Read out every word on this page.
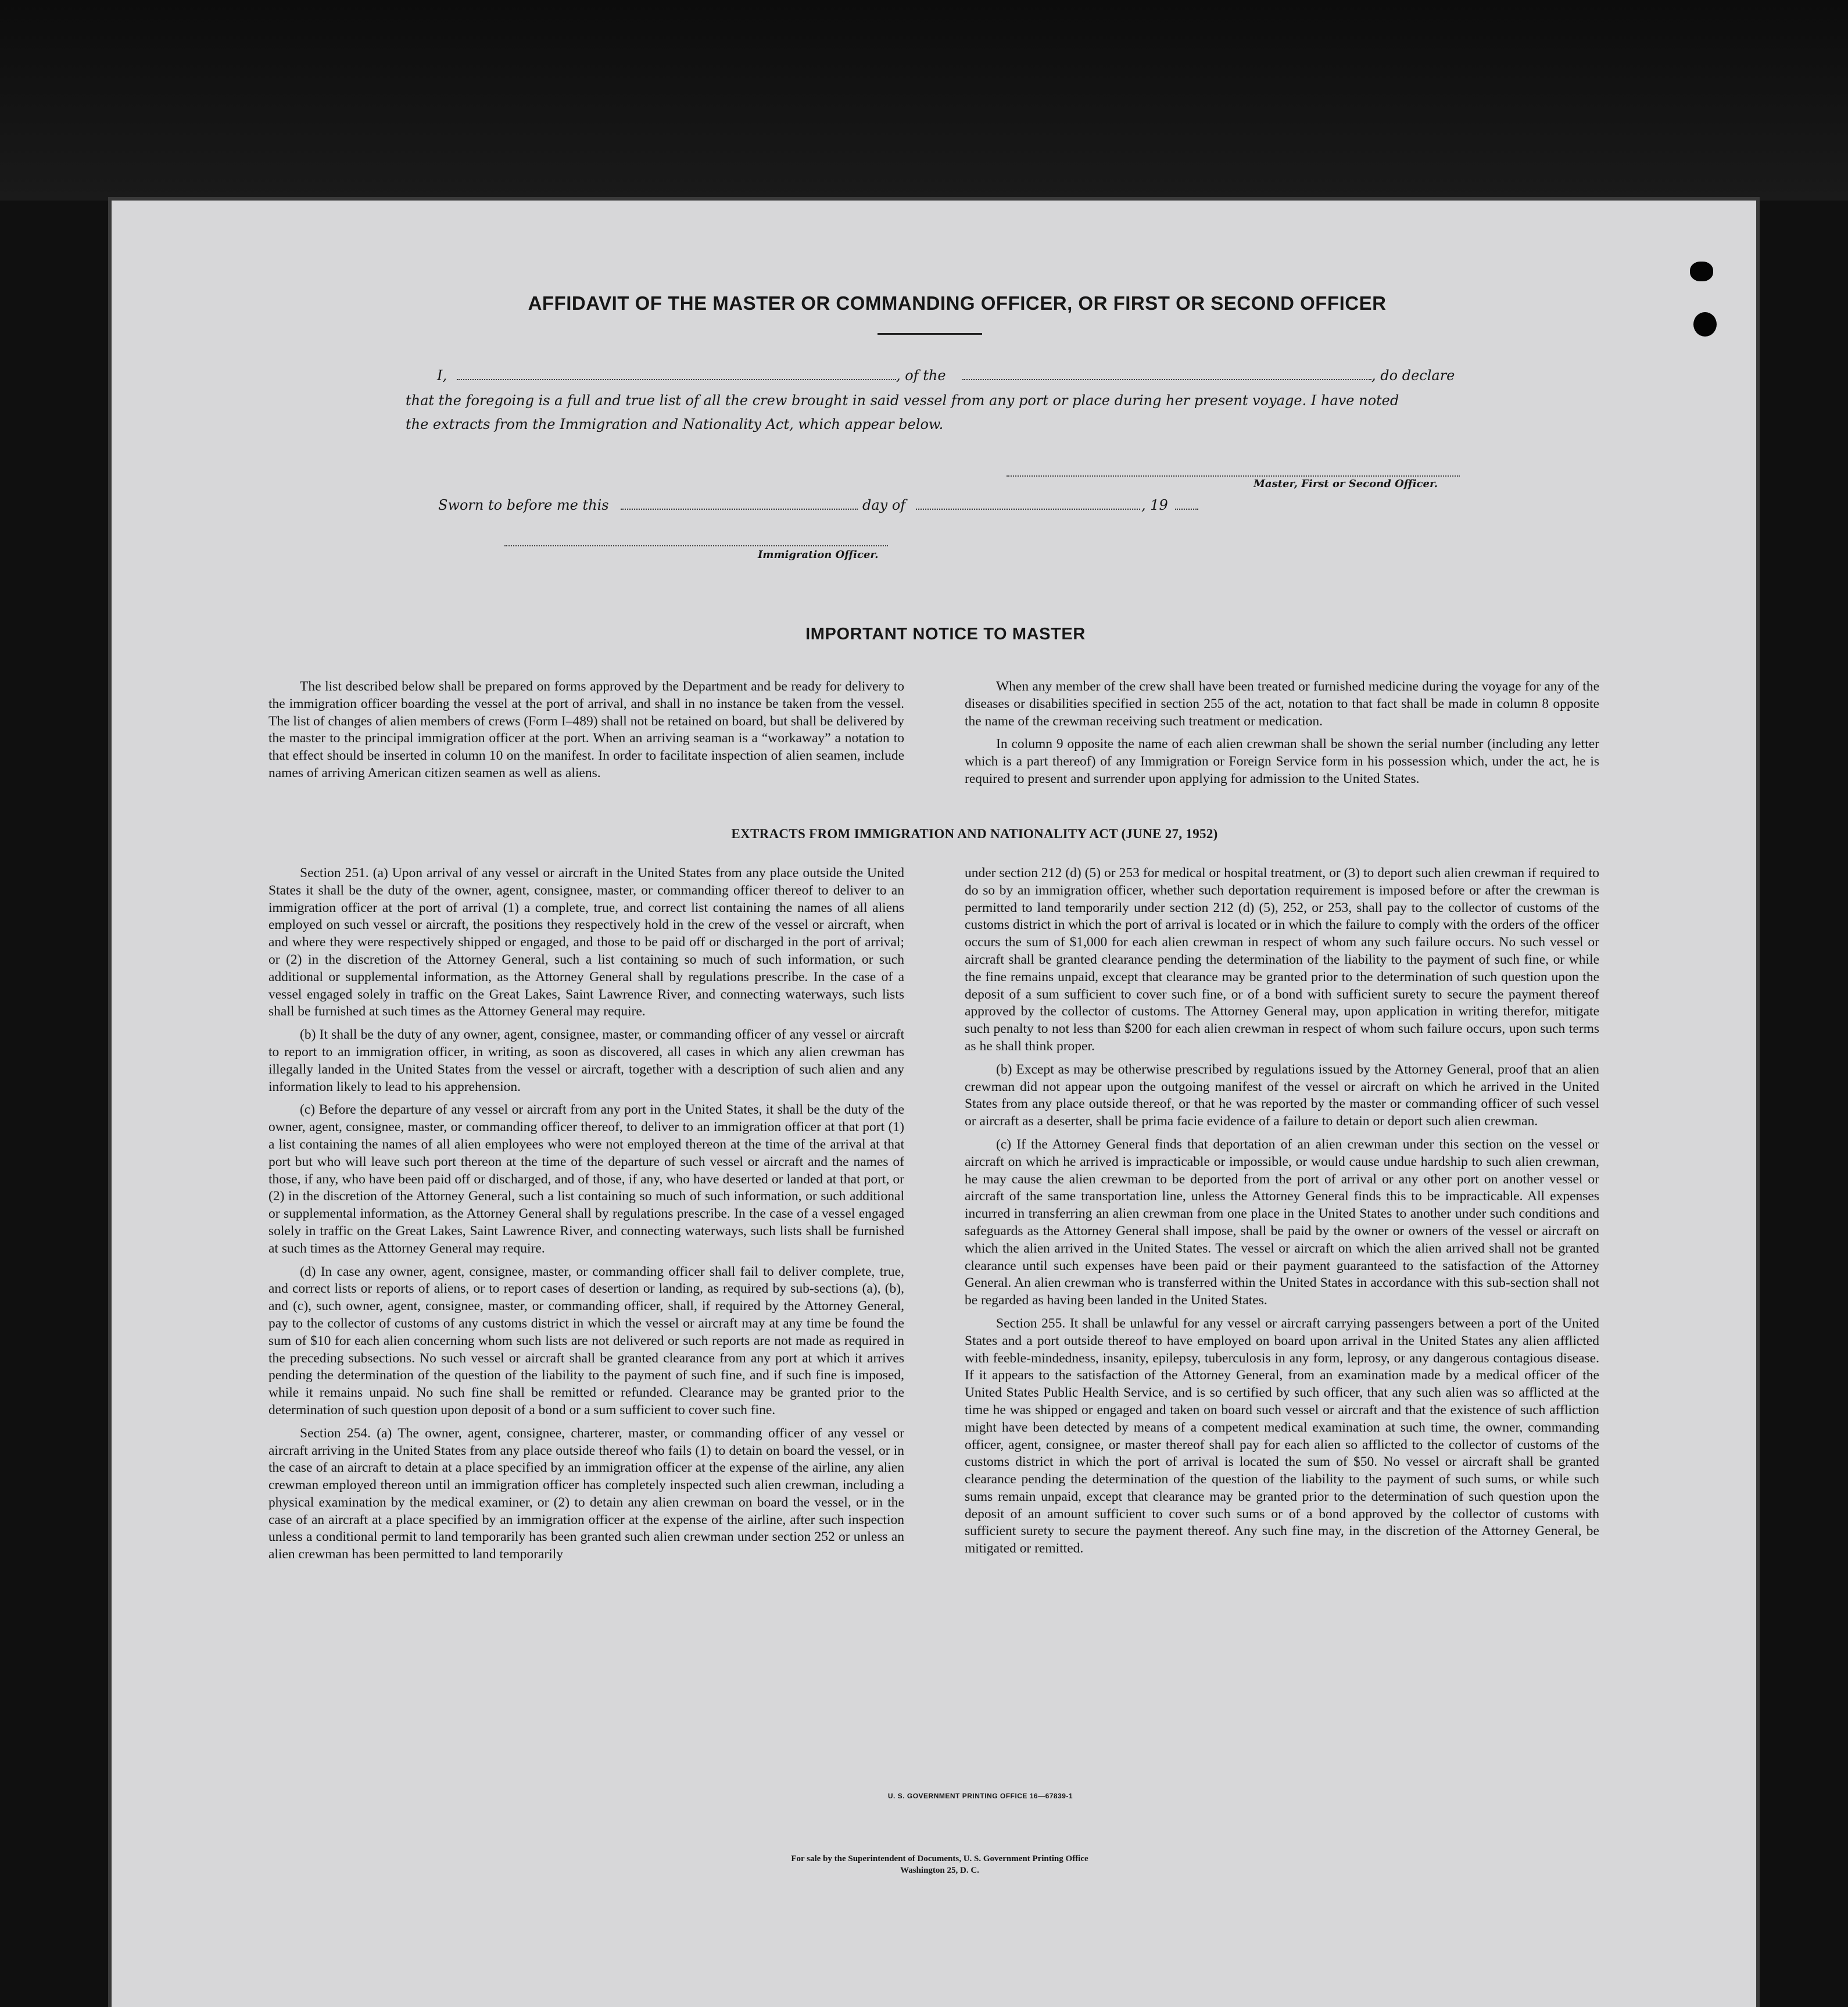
AFFIDAVIT OF THE MASTER OR COMMANDING OFFICER, OR FIRST OR SECOND OFFICER
I,	, of the	, do declare
that the foregoing is a full and true list of all the crew brought in said vessel from any port or place during her present voyage. I have noted
the extracts from the Immigration and Nationality Act, which appear below.
Master, First or Second Officer.
Sworn to before me this	day of	, 19
Immigration Officer.
IMPORTANT NOTICE TO MASTER

The list described below shall be prepared on forms approved by the Department and be ready for delivery to the immigration officer boarding the vessel at the port of arrival, and shall in no instance be taken from the vessel. The list of changes of alien members of crews (Form I–489) shall not be retained on board, but shall be delivered by the master to the principal immigration officer at the port. When an arriving seaman is a “workaway” a notation to that effect should be inserted in column 10 on the manifest. In order to facilitate inspection of alien seamen, include names of arriving American citizen seamen as well as aliens.

When any member of the crew shall have been treated or furnished medicine during the voyage for any of the diseases or disabilities specified in section 255 of the act, notation to that fact shall be made in column 8 opposite the name of the crewman receiving such treatment or medication.

In column 9 opposite the name of each alien crewman shall be shown the serial number (including any letter which is a part thereof) of any Immigration or Foreign Service form in his possession which, under the act, he is required to present and surrender upon applying for admission to the United States.

EXTRACTS FROM IMMIGRATION AND NATIONALITY ACT (JUNE 27, 1952)

Section 251. (a) Upon arrival of any vessel or aircraft in the United States from any place outside the United States it shall be the duty of the owner, agent, consignee, master, or commanding officer thereof to deliver to an immigration officer at the port of arrival (1) a complete, true, and correct list containing the names of all aliens employed on such vessel or aircraft, the positions they respectively hold in the crew of the vessel or aircraft, when and where they were respectively shipped or engaged, and those to be paid off or discharged in the port of arrival; or (2) in the discretion of the Attorney General, such a list containing so much of such information, or such additional or supplemental information, as the Attorney General shall by regulations prescribe. In the case of a vessel engaged solely in traffic on the Great Lakes, Saint Lawrence River, and connecting waterways, such lists shall be furnished at such times as the Attorney General may require.

(b) It shall be the duty of any owner, agent, consignee, master, or commanding officer of any vessel or aircraft to report to an immigration officer, in writing, as soon as discovered, all cases in which any alien crewman has illegally landed in the United States from the vessel or aircraft, together with a description of such alien and any information likely to lead to his apprehension.

(c) Before the departure of any vessel or aircraft from any port in the United States, it shall be the duty of the owner, agent, consignee, master, or commanding officer thereof, to deliver to an immigration officer at that port (1) a list containing the names of all alien employees who were not employed thereon at the time of the arrival at that port but who will leave such port thereon at the time of the departure of such vessel or aircraft and the names of those, if any, who have been paid off or discharged, and of those, if any, who have deserted or landed at that port, or (2) in the discretion of the Attorney General, such a list containing so much of such information, or such additional or supplemental information, as the Attorney General shall by regulations prescribe. In the case of a vessel engaged solely in traffic on the Great Lakes, Saint Lawrence River, and connecting waterways, such lists shall be furnished at such times as the Attorney General may require.

(d) In case any owner, agent, consignee, master, or commanding officer shall fail to deliver complete, true, and correct lists or reports of aliens, or to report cases of desertion or landing, as required by sub-sections (a), (b), and (c), such owner, agent, consignee, master, or commanding officer, shall, if required by the Attorney General, pay to the collector of customs of any customs district in which the vessel or aircraft may at any time be found the sum of $10 for each alien concerning whom such lists are not delivered or such reports are not made as required in the preceding subsections. No such vessel or aircraft shall be granted clearance from any port at which it arrives pending the determination of the question of the liability to the payment of such fine, and if such fine is imposed, while it remains unpaid. No such fine shall be remitted or refunded. Clearance may be granted prior to the determination of such question upon deposit of a bond or a sum sufficient to cover such fine.

Section 254. (a) The owner, agent, consignee, charterer, master, or commanding officer of any vessel or aircraft arriving in the United States from any place outside thereof who fails (1) to detain on board the vessel, or in the case of an aircraft to detain at a place specified by an immigration officer at the expense of the airline, any alien crewman employed thereon until an immigration officer has completely inspected such alien crewman, including a physical examination by the medical examiner, or (2) to detain any alien crewman on board the vessel, or in the case of an aircraft at a place specified by an immigration officer at the expense of the airline, after such inspection unless a conditional permit to land temporarily has been granted such alien crewman under section 252 or unless an alien crewman has been permitted to land temporarily

under section 212 (d) (5) or 253 for medical or hospital treatment, or (3) to deport such alien crewman if required to do so by an immigration officer, whether such deportation requirement is imposed before or after the crewman is permitted to land temporarily under section 212 (d) (5), 252, or 253, shall pay to the collector of customs of the customs district in which the port of arrival is located or in which the failure to comply with the orders of the officer occurs the sum of $1,000 for each alien crewman in respect of whom any such failure occurs. No such vessel or aircraft shall be granted clearance pending the determination of the liability to the payment of such fine, or while the fine remains unpaid, except that clearance may be granted prior to the determination of such question upon the deposit of a sum sufficient to cover such fine, or of a bond with sufficient surety to secure the payment thereof approved by the collector of customs. The Attorney General may, upon application in writing therefor, mitigate such penalty to not less than $200 for each alien crewman in respect of whom such failure occurs, upon such terms as he shall think proper.

(b) Except as may be otherwise prescribed by regulations issued by the Attorney General, proof that an alien crewman did not appear upon the outgoing manifest of the vessel or aircraft on which he arrived in the United States from any place outside thereof, or that he was reported by the master or commanding officer of such vessel or aircraft as a deserter, shall be prima facie evidence of a failure to detain or deport such alien crewman.

(c) If the Attorney General finds that deportation of an alien crewman under this section on the vessel or aircraft on which he arrived is impracticable or impossible, or would cause undue hardship to such alien crewman, he may cause the alien crewman to be deported from the port of arrival or any other port on another vessel or aircraft of the same transportation line, unless the Attorney General finds this to be impracticable. All expenses incurred in transferring an alien crewman from one place in the United States to another under such conditions and safeguards as the Attorney General shall impose, shall be paid by the owner or owners of the vessel or aircraft on which the alien arrived in the United States. The vessel or aircraft on which the alien arrived shall not be granted clearance until such expenses have been paid or their payment guaranteed to the satisfaction of the Attorney General. An alien crewman who is transferred within the United States in accordance with this sub-section shall not be regarded as having been landed in the United States.

Section 255. It shall be unlawful for any vessel or aircraft carrying passengers between a port of the United States and a port outside thereof to have employed on board upon arrival in the United States any alien afflicted with feeble-mindedness, insanity, epilepsy, tuberculosis in any form, leprosy, or any dangerous contagious disease. If it appears to the satisfaction of the Attorney General, from an examination made by a medical officer of the United States Public Health Service, and is so certified by such officer, that any such alien was so afflicted at the time he was shipped or engaged and taken on board such vessel or aircraft and that the existence of such affliction might have been detected by means of a competent medical examination at such time, the owner, commanding officer, agent, consignee, or master thereof shall pay for each alien so afflicted to the collector of customs of the customs district in which the port of arrival is located the sum of $50. No vessel or aircraft shall be granted clearance pending the determination of the question of the liability to the payment of such sums, or while such sums remain unpaid, except that clearance may be granted prior to the determination of such question upon the deposit of an amount sufficient to cover such sums or of a bond approved by the collector of customs with sufficient surety to secure the payment thereof. Any such fine may, in the discretion of the Attorney General, be mitigated or remitted.

U. S. GOVERNMENT PRINTING OFFICE 16—67839-1
For sale by the Superintendent of Documents, U. S. Government Printing Office
Washington 25, D. C.
